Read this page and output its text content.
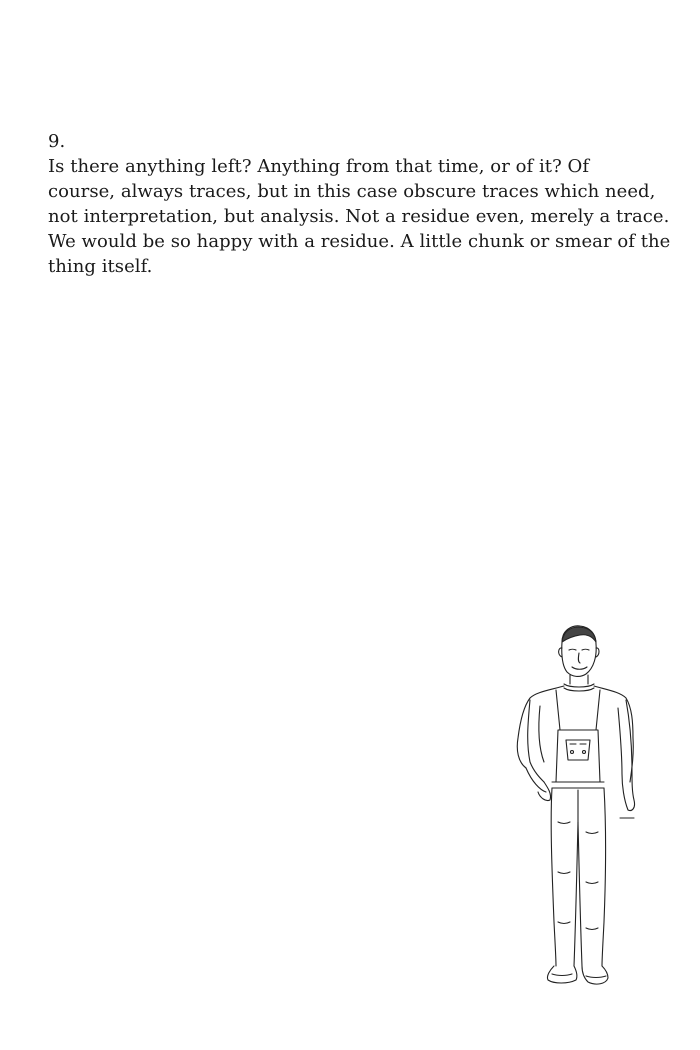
9.

Is there anything left? Anything from that time, or of it? Of
course, always traces, but in this case obscure traces which need,
not interpretation, but analysis. Not a residue even, merely a trace.
We would be so happy with a residue. A little chunk or smear of the
thing itself.
